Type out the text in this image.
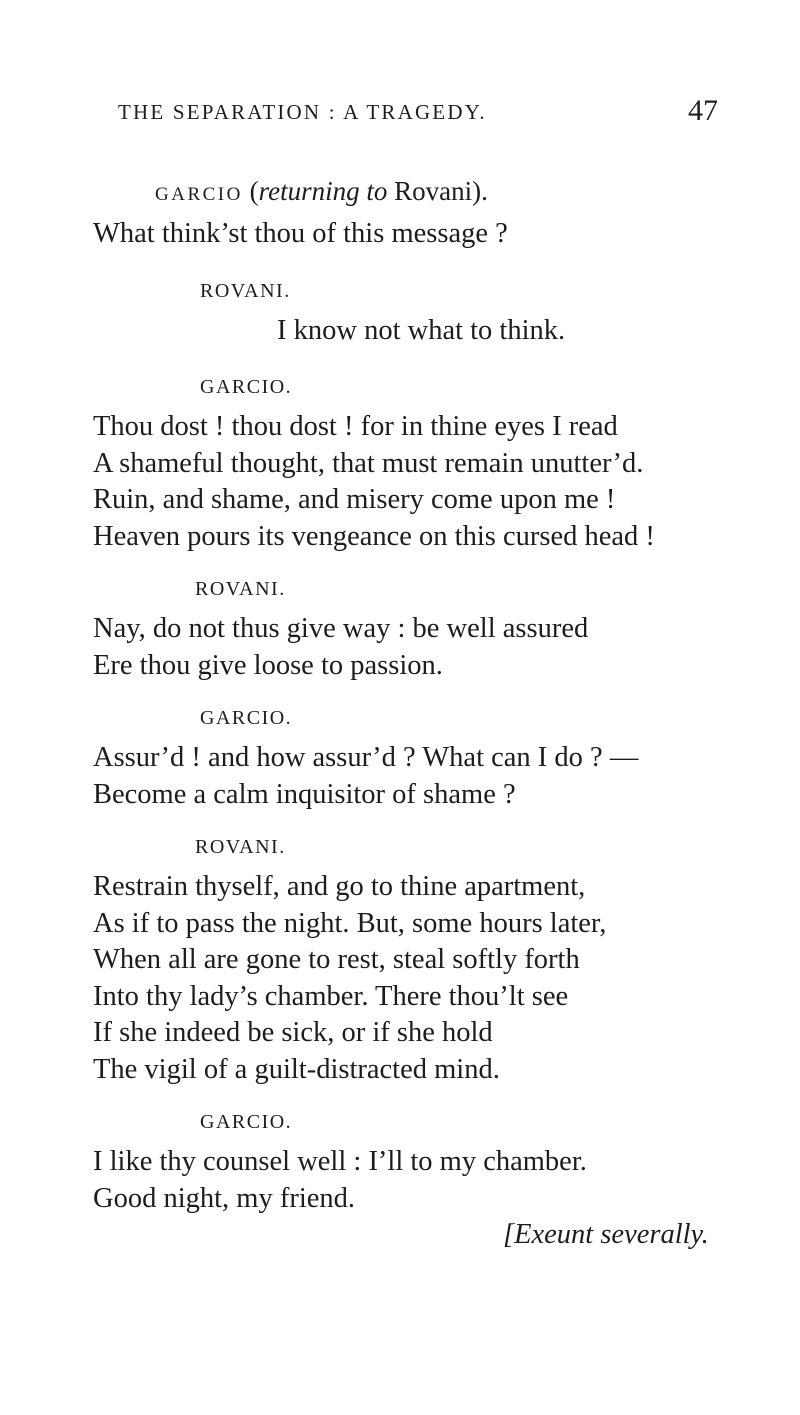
THE SEPARATION : A TRAGEDY.	47
GARCIO (returning to Rovani).

What think’st thou of this message ?

ROVANI.

I know not what to think.

GARCIO.

Thou dost ! thou dost ! for in thine eyes I read

A shameful thought, that must remain unutter’d.

Ruin, and shame, and misery come upon me !

Heaven pours its vengeance on this cursed head !

ROVANI.

Nay, do not thus give way : be well assured

Ere thou give loose to passion.

GARCIO.

Assur’d ! and how assur’d ? What can I do ? —

Become a calm inquisitor of shame ?

ROVANI.

Restrain thyself, and go to thine apartment,

As if to pass the night. But, some hours later,

When all are gone to rest, steal softly forth

Into thy lady’s chamber. There thou’lt see

If she indeed be sick, or if she hold

The vigil of a guilt-distracted mind.

GARCIO.

I like thy counsel well : I’ll to my chamber.

Good night, my friend.

[Exeunt severally.
